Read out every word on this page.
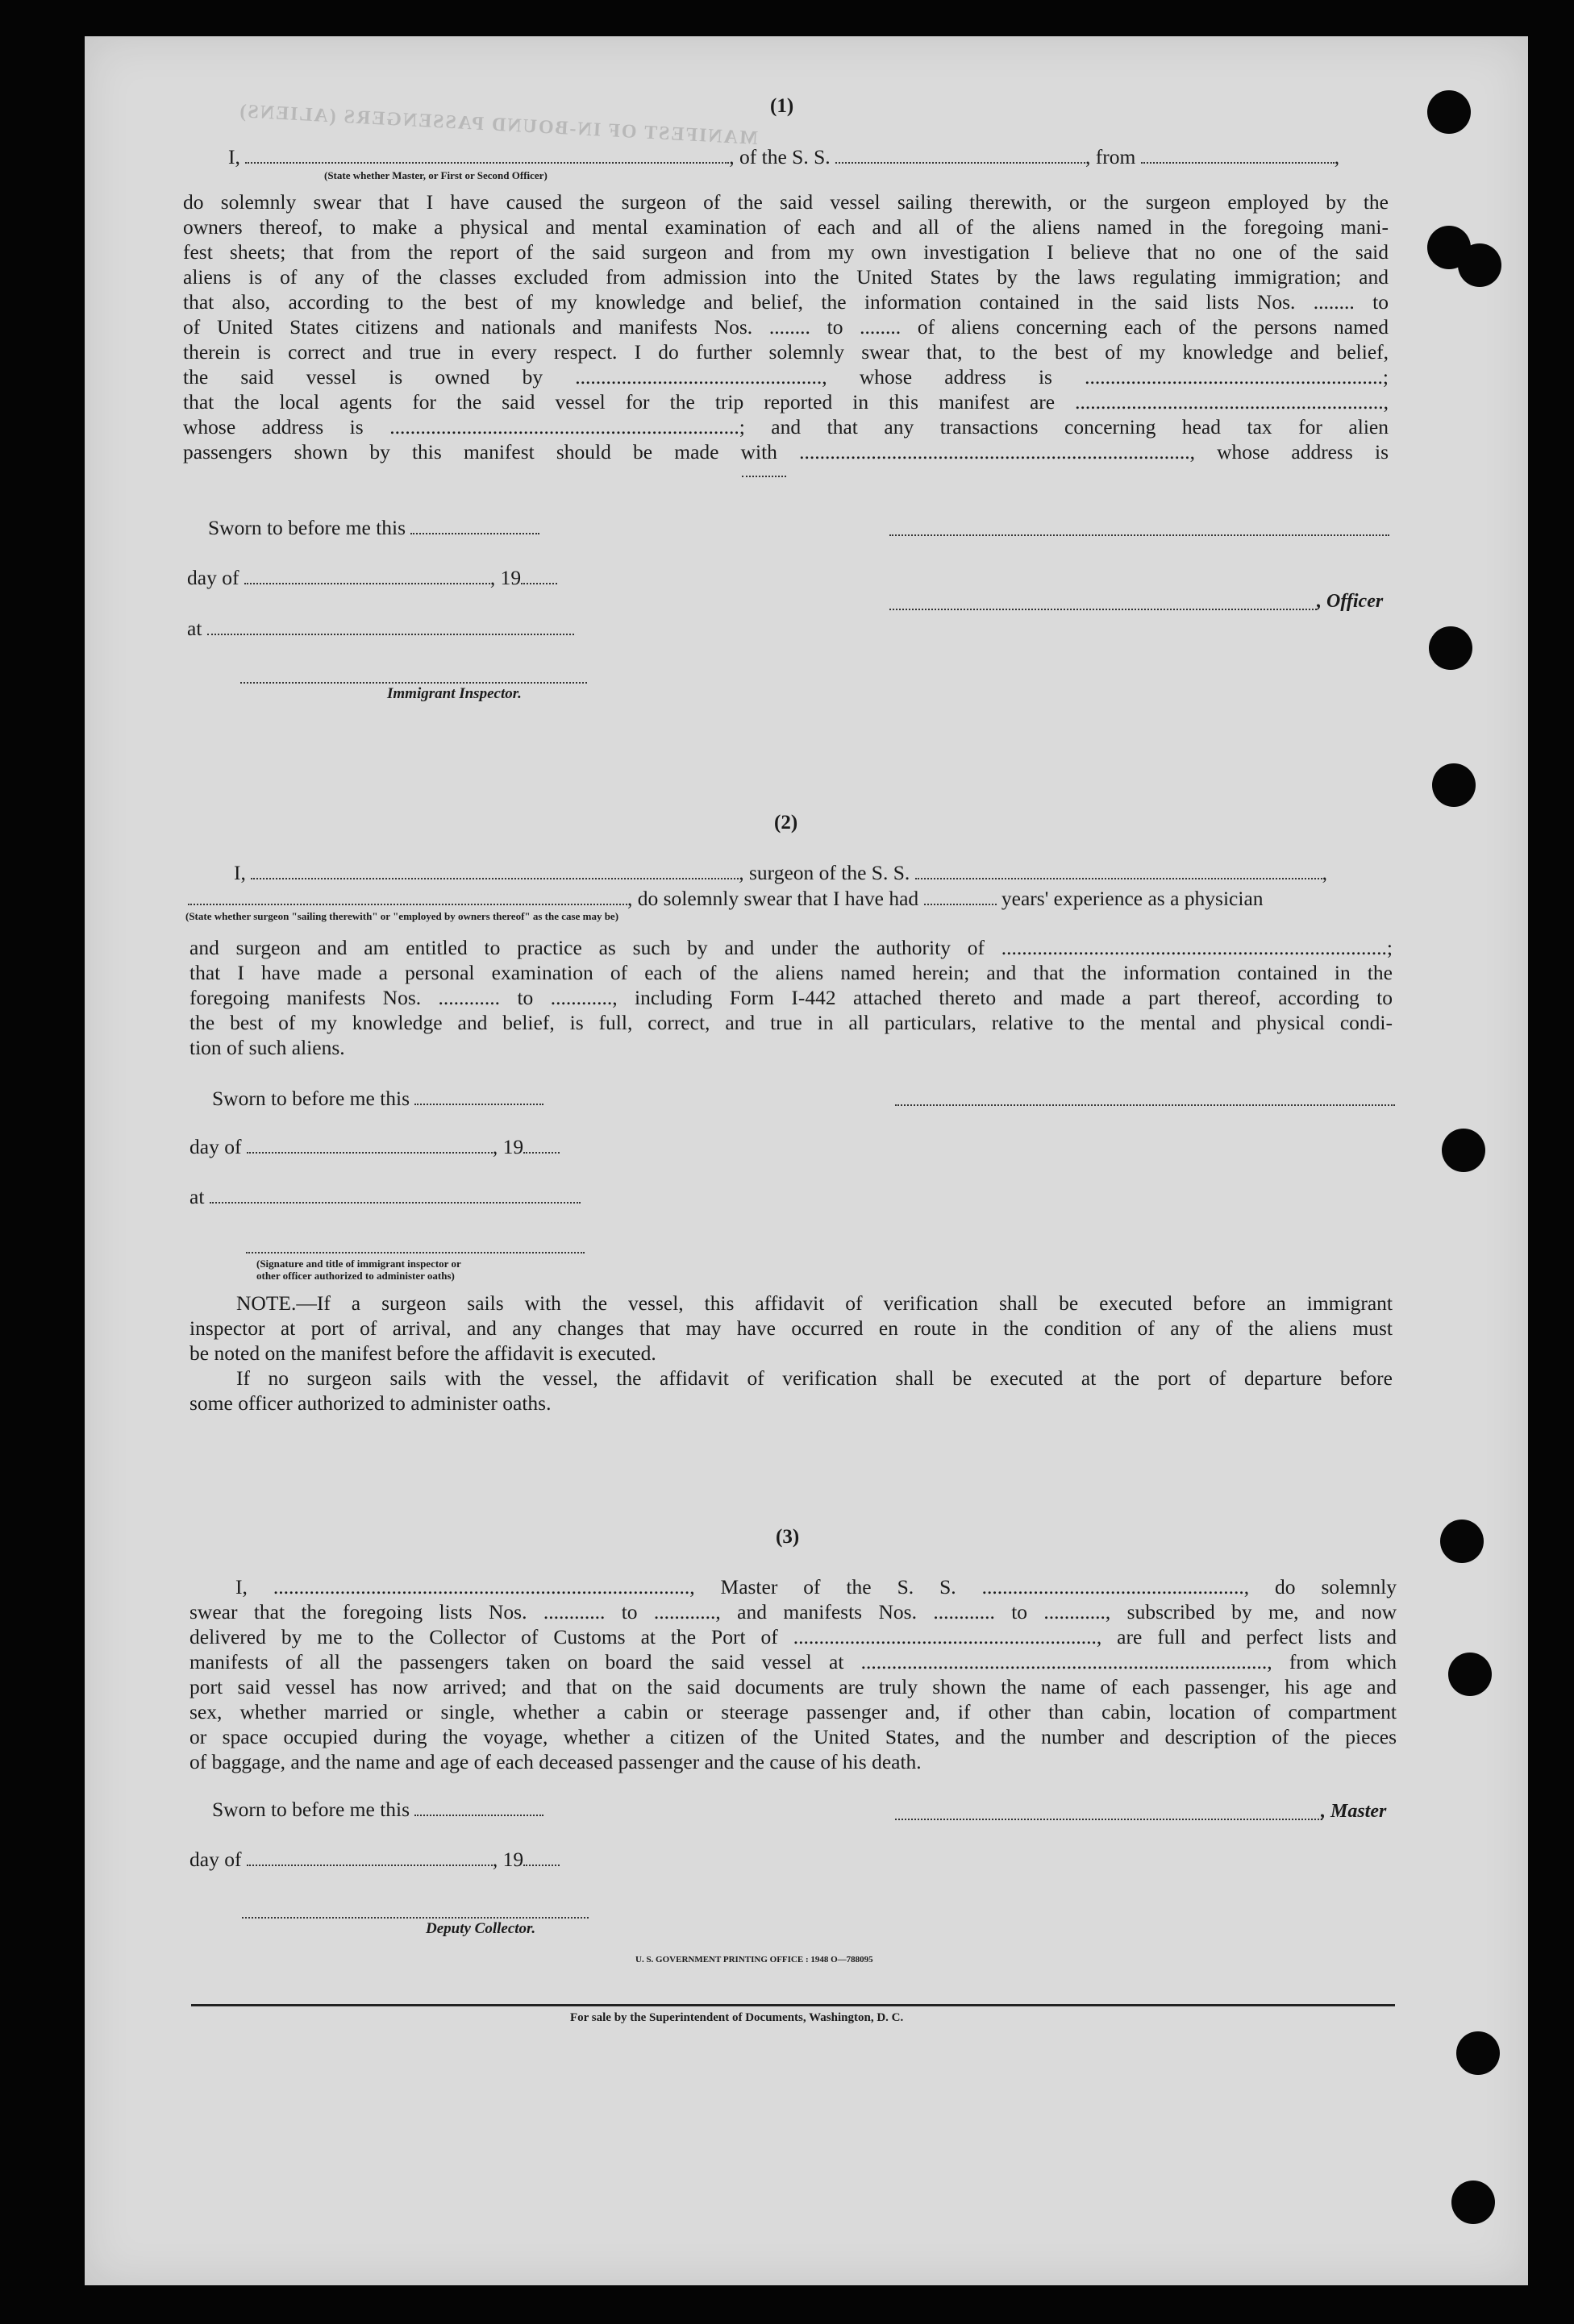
MANIFEST OF IN-BOUND PASSENGERS (ALIENS) (1)
I,	, of the S. S.	, from	,
(State whether Master, or First or Second Officer)
do solemnly swear that I have caused the surgeon of the said vessel sailing therewith, or the surgeon employed by the
owners thereof, to make a physical and mental examination of each and all of the aliens named in the foregoing mani-
fest sheets; that from the report of the said surgeon and from my own investigation I believe that no one of the said
aliens is of any of the classes excluded from admission into the United States by the laws regulating immigration; and
that also, according to the best of my knowledge and belief, the information contained in the said lists Nos. ........ to
of United States citizens and nationals and manifests Nos. ........ to ........ of aliens concerning each of the persons named
therein is correct and true in every respect. I do further solemnly swear that, to the best of my knowledge and belief,
the said vessel is owned by ................................................, whose address is ..........................................................;
that the local agents for the said vessel for the trip reported in this manifest are ............................................................,
whose address is ....................................................................; and that any transactions concerning head tax for alien
passengers shown by this manifest should be made with ............................................................................, whose address is
Sworn to before me this
day of	, 19
, Officer
at
Immigrant Inspector.
(2)
I,	, surgeon of the S. S.	,
, do solemnly swear that I have had	years' experience as a physician
(State whether surgeon "sailing therewith" or "employed by owners thereof" as the case may be)
and surgeon and am entitled to practice as such by and under the authority of ...........................................................................;
that I have made a personal examination of each of the aliens named herein; and that the information contained in the
foregoing manifests Nos. ............ to ............, including Form I-442 attached thereto and made a part thereof, according to
the best of my knowledge and belief, is full, correct, and true in all particulars, relative to the mental and physical condi-
tion of such aliens.
Sworn to before me this
day of	, 19
at
(Signature and title of immigrant inspector or
other officer authorized to administer oaths)
NOTE.—If a surgeon sails with the vessel, this affidavit of verification shall be executed before an immigrant
inspector at port of arrival, and any changes that may have occurred en route in the condition of any of the aliens must
be noted on the manifest before the affidavit is executed.
If no surgeon sails with the vessel, the affidavit of verification shall be executed at the port of departure before
some officer authorized to administer oaths.
(3)
I, ................................................................................., Master of the S. S. ..................................................., do solemnly
swear that the foregoing lists Nos. ............ to ............, and manifests Nos. ............ to ............, subscribed by me, and now
delivered by me to the Collector of Customs at the Port of ..........................................................., are full and perfect lists and
manifests of all the passengers taken on board the said vessel at ..............................................................................., from which
port said vessel has now arrived; and that on the said documents are truly shown the name of each passenger, his age and
sex, whether married or single, whether a cabin or steerage passenger and, if other than cabin, location of compartment
or space occupied during the voyage, whether a citizen of the United States, and the number and description of the pieces
of baggage, and the name and age of each deceased passenger and the cause of his death.
Sworn to before me this	, Master
day of	, 19
Deputy Collector.
U. S. GOVERNMENT PRINTING OFFICE : 1948 O—788095
For sale by the Superintendent of Documents, Washington, D. C.
